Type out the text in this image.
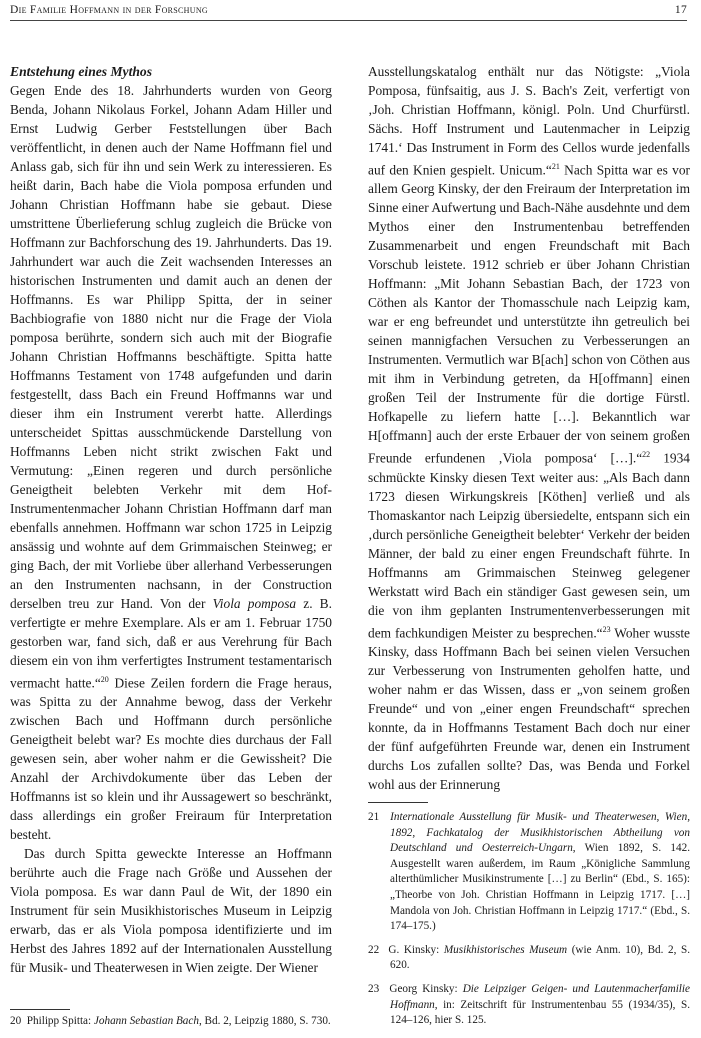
Die Familie Hoffmann in der Forschung	17

Entstehung eines Mythos

Gegen Ende des 18. Jahrhunderts wurden von Georg Benda, Johann Nikolaus Forkel, Johann Adam Hiller und Ernst Ludwig Gerber Feststellungen über Bach veröffentlicht, in denen auch der Name Hoffmann fiel und Anlass gab, sich für ihn und sein Werk zu interessieren. Es heißt darin, Bach habe die Viola pomposa erfunden und Johann Christian Hoffmann habe sie gebaut. Diese umstrittene Überlieferung schlug zugleich die Brücke von Hoffmann zur Bachforschung des 19. Jahrhunderts. Das 19. Jahrhundert war auch die Zeit wachsenden Interesses an historischen Instrumenten und damit auch an denen der Hoffmanns. Es war Philipp Spitta, der in seiner Bachbiografie von 1880 nicht nur die Frage der Viola pomposa berührte, sondern sich auch mit der Biografie Johann Christian Hoffmanns beschäftigte. Spitta hatte Hoffmanns Testament von 1748 aufgefunden und darin festgestellt, dass Bach ein Freund Hoffmanns war und dieser ihm ein Instrument vererbt hatte. Allerdings unterscheidet Spittas ausschmückende Darstellung von Hoffmanns Leben nicht strikt zwischen Fakt und Vermutung: „Einen regeren und durch persönliche Geneigtheit belebten Verkehr mit dem Hof-Instrumentenmacher Johann Christian Hoffmann darf man ebenfalls annehmen. Hoffmann war schon 1725 in Leipzig ansässig und wohnte auf dem Grimmaischen Steinweg; er ging Bach, der mit Vorliebe über allerhand Verbesserungen an den Instrumenten nachsann, in der Construction derselben treu zur Hand. Von der Viola pomposa z. B. verfertigte er mehre Exemplare. Als er am 1. Februar 1750 gestorben war, fand sich, daß er aus Verehrung für Bach diesem ein von ihm verfertigtes Instrument testamentarisch vermacht hatte.“$^{20}$ Diese Zeilen fordern die Frage heraus, was Spitta zu der Annahme bewog, dass der Verkehr zwischen Bach und Hoffmann durch persönliche Geneigtheit belebt war? Es mochte dies durchaus der Fall gewesen sein, aber woher nahm er die Gewissheit? Die Anzahl der Archivdokumente über das Leben der Hoffmanns ist so klein und ihr Aussagewert so beschränkt, dass allerdings ein großer Freiraum für Interpretation besteht.

Das durch Spitta geweckte Interesse an Hoffmann berührte auch die Frage nach Größe und Aussehen der Viola pomposa. Es war dann Paul de Wit, der 1890 ein Instrument für sein Musikhistorisches Museum in Leipzig erwarb, das er als Viola pomposa identifizierte und im Herbst des Jahres 1892 auf der Internationalen Ausstellung für Musik- und Theaterwesen in Wien zeigte. Der Wiener

20 Philipp Spitta: Johann Sebastian Bach, Bd. 2, Leipzig 1880, S. 730.

Ausstellungskatalog enthält nur das Nötigste: „Viola Pomposa, fünfsaitig, aus J. S. Bach's Zeit, verfertigt von ‚Joh. Christian Hoffmann, königl. Poln. Und Churfürstl. Sächs. Hoff Instrument und Lautenmacher in Leipzig 1741.‘ Das Instrument in Form des Cellos wurde jedenfalls auf den Knien gespielt. Unicum.“$^{21}$ Nach Spitta war es vor allem Georg Kinsky, der den Freiraum der Interpretation im Sinne einer Aufwertung und Bach-Nähe ausdehnte und dem Mythos einer den Instrumentenbau betreffenden Zusammenarbeit und engen Freundschaft mit Bach Vorschub leistete. 1912 schrieb er über Johann Christian Hoffmann: „Mit Johann Sebastian Bach, der 1723 von Cöthen als Kantor der Thomasschule nach Leipzig kam, war er eng befreundet und unterstützte ihn getreulich bei seinen mannigfachen Versuchen zu Verbesserungen an Instrumenten. Vermutlich war B[ach] schon von Cöthen aus mit ihm in Verbindung getreten, da H[offmann] einen großen Teil der Instrumente für die dortige Fürstl. Hofkapelle zu liefern hatte […]. Bekanntlich war H[offmann] auch der erste Erbauer der von seinem großen Freunde erfundenen ‚Viola pomposa‘ […].“$^{22}$ 1934 schmückte Kinsky diesen Text weiter aus: „Als Bach dann 1723 diesen Wirkungskreis [Köthen] verließ und als Thomaskantor nach Leipzig übersiedelte, entspann sich ein ‚durch persönliche Geneigtheit belebter‘ Verkehr der beiden Männer, der bald zu einer engen Freundschaft führte. In Hoffmanns am Grimmaischen Steinweg gelegener Werkstatt wird Bach ein ständiger Gast gewesen sein, um die von ihm geplanten Instrumentenverbesserungen mit dem fachkundigen Meister zu besprechen.“$^{23}$ Woher wusste Kinsky, dass Hoffmann Bach bei seinen vielen Versuchen zur Verbesserung von Instrumenten geholfen hatte, und woher nahm er das Wissen, dass er „von seinem großen Freunde“ und von „einer engen Freundschaft“ sprechen konnte, da in Hoffmanns Testament Bach doch nur einer der fünf aufgeführten Freunde war, denen ein Instrument durchs Los zufallen sollte? Das, was Benda und Forkel wohl aus der Erinnerung

21 Internationale Ausstellung für Musik- und Theaterwesen, Wien, 1892, Fachkatalog der Musikhistorischen Abtheilung von Deutschland und Oesterreich-Ungarn, Wien 1892, S. 142. Ausgestellt waren außerdem, im Raum „Königliche Sammlung alterthümlicher Musikinstrumente […] zu Berlin“ (Ebd., S. 165): „Theorbe von Joh. Christian Hoffmann in Leipzig 1717. […] Mandola von Joh. Christian Hoffmann in Leipzig 1717.“ (Ebd., S. 174–175.)

22 G. Kinsky: Musikhistorisches Museum (wie Anm. 10), Bd. 2, S. 620.

23 Georg Kinsky: Die Leipziger Geigen- und Lautenmacherfamilie Hoffmann, in: Zeitschrift für Instrumentenbau 55 (1934/35), S. 124–126, hier S. 125.
